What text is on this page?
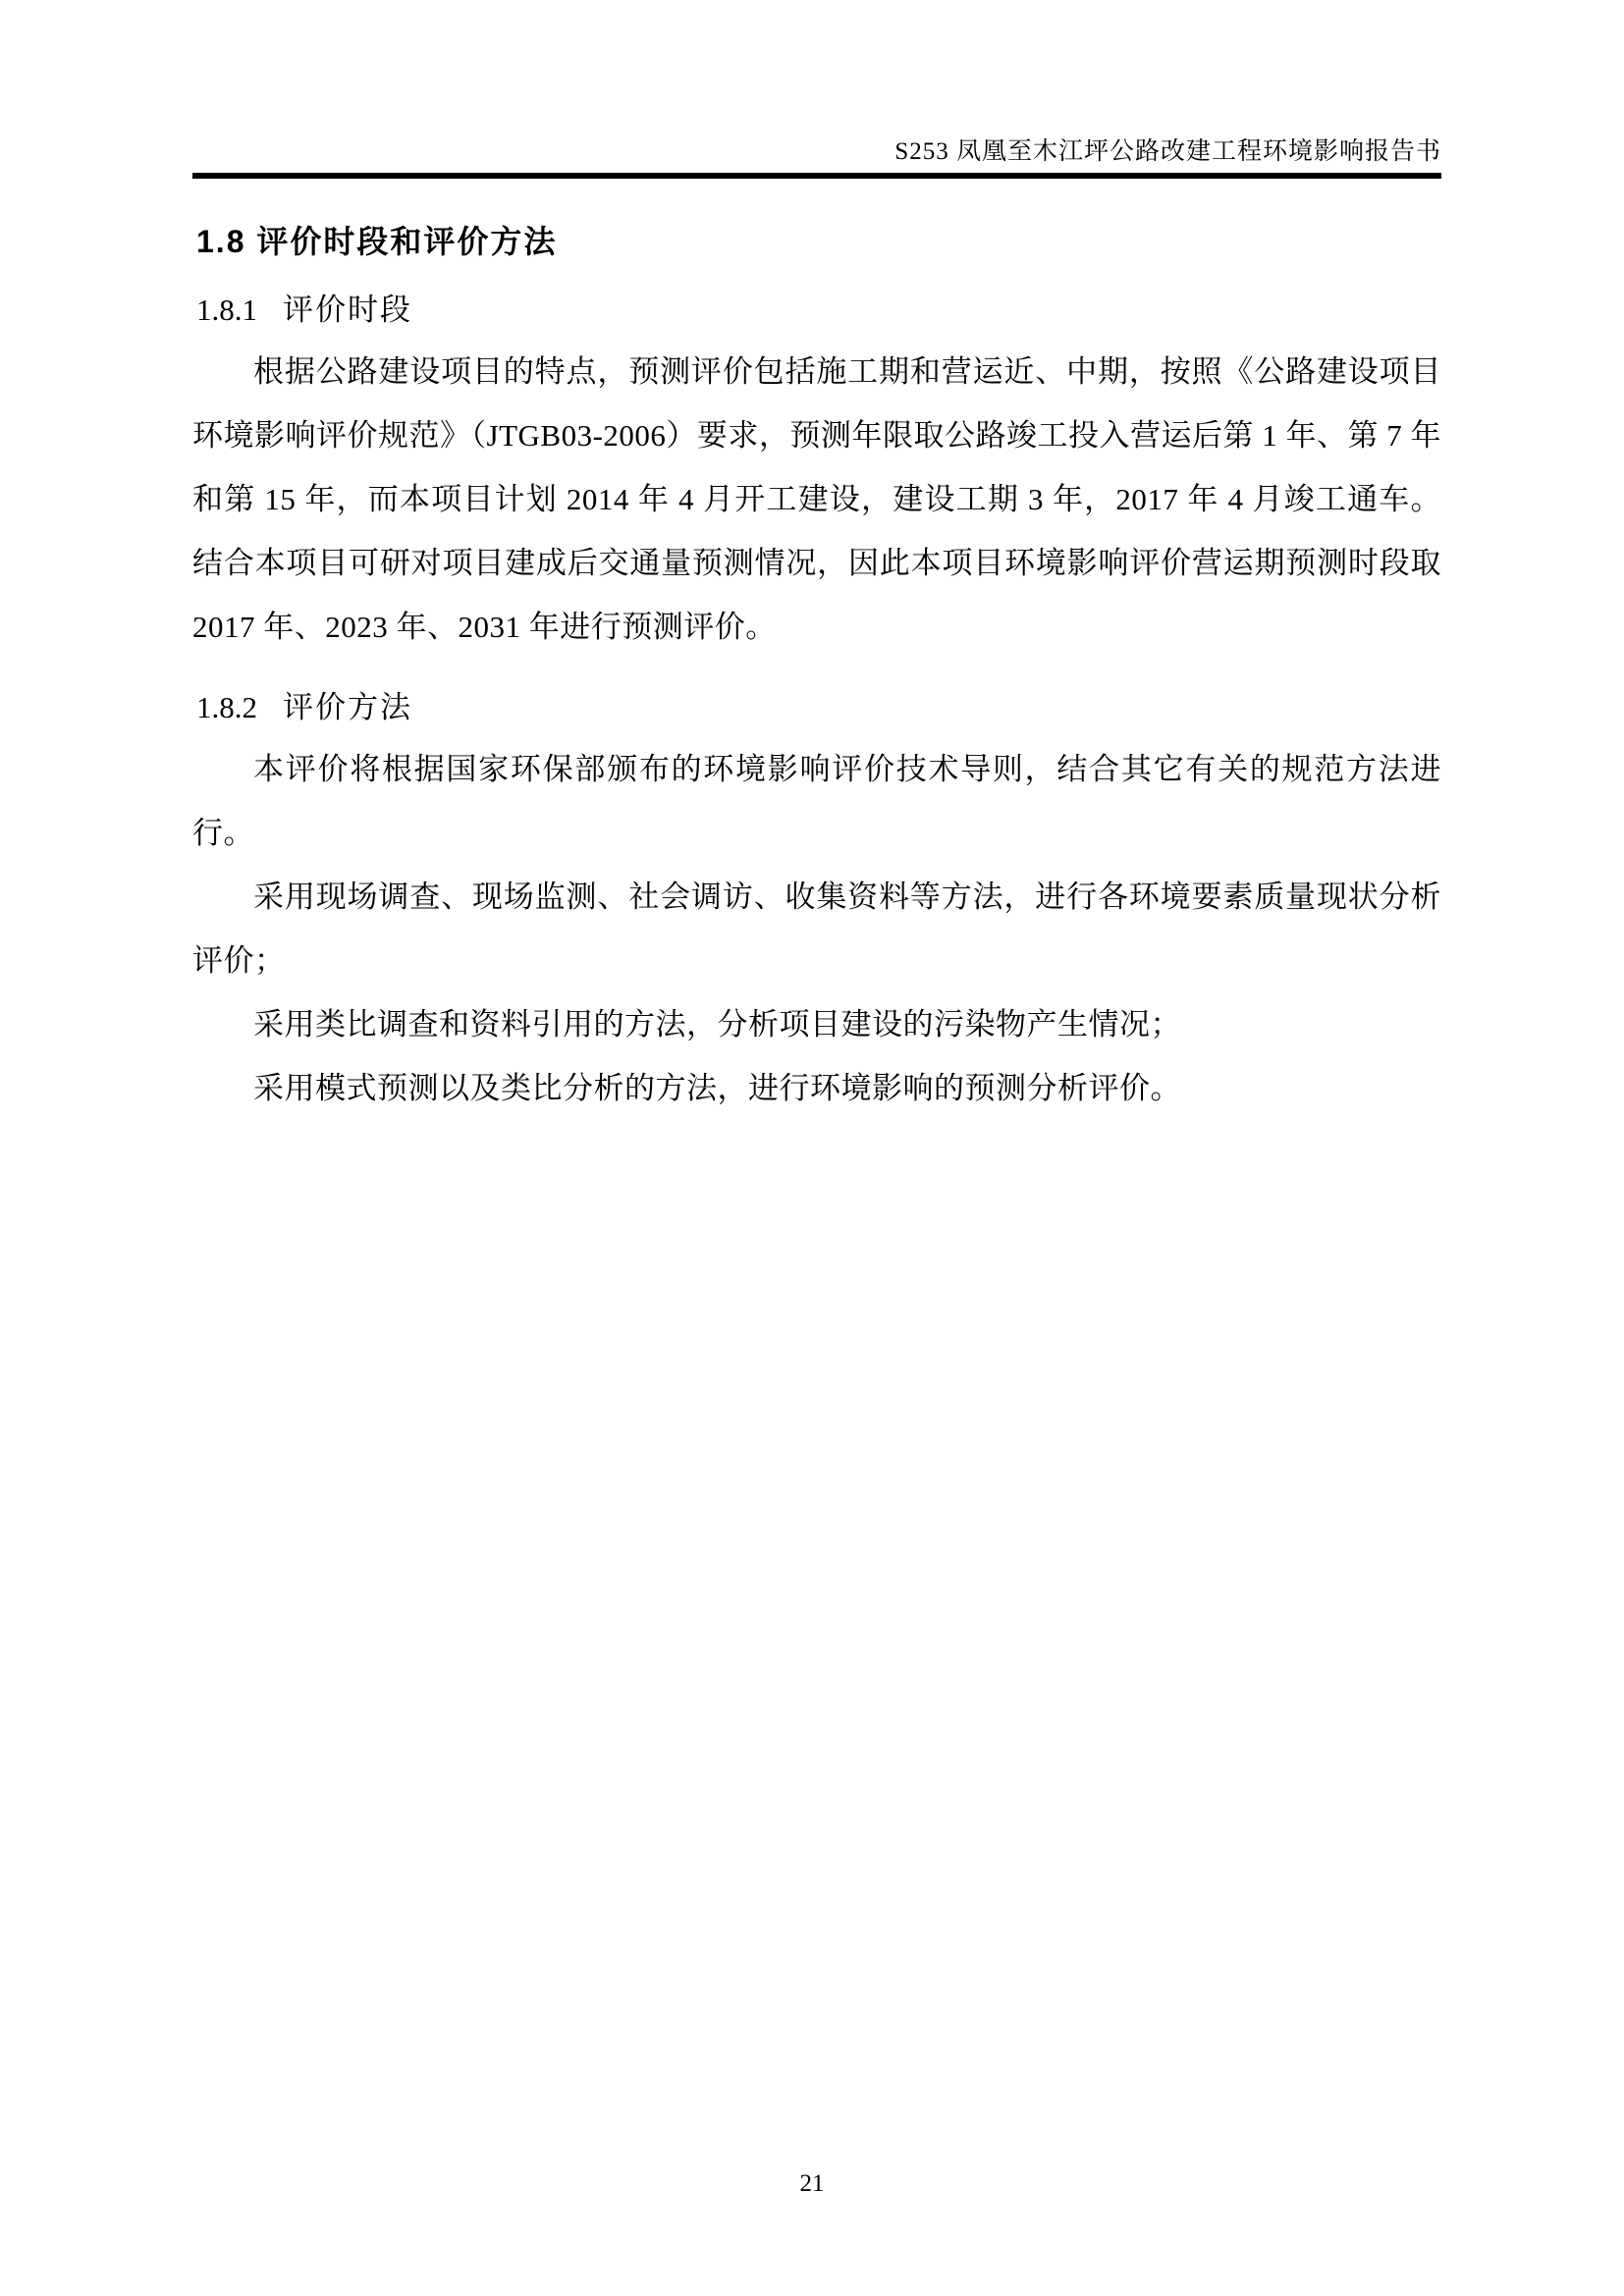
S253 凤凰至木江坪公路改建工程环境影响报告书
1.8 评价时段和评价方法
1.8.1 评价时段

根据公路建设项目的特点，预测评价包括施工期和营运近、中期，按照《公路建设项目环境影响评价规范》（JTGB03-2006）要求，预测年限取公路竣工投入营运后第 1 年、第 7 年和第 15 年，而本项目计划 2014 年 4 月开工建设，建设工期 3 年，2017 年 4 月竣工通车。结合本项目可研对项目建成后交通量预测情况，因此本项目环境影响评价营运期预测时段取 2017 年、2023 年、2031 年进行预测评价。

1.8.2 评价方法

本评价将根据国家环保部颁布的环境影响评价技术导则，结合其它有关的规范方法进行。

采用现场调查、现场监测、社会调访、收集资料等方法，进行各环境要素质量现状分析评价；

采用类比调查和资料引用的方法，分析项目建设的污染物产生情况；

采用模式预测以及类比分析的方法，进行环境影响的预测分析评价。

21
